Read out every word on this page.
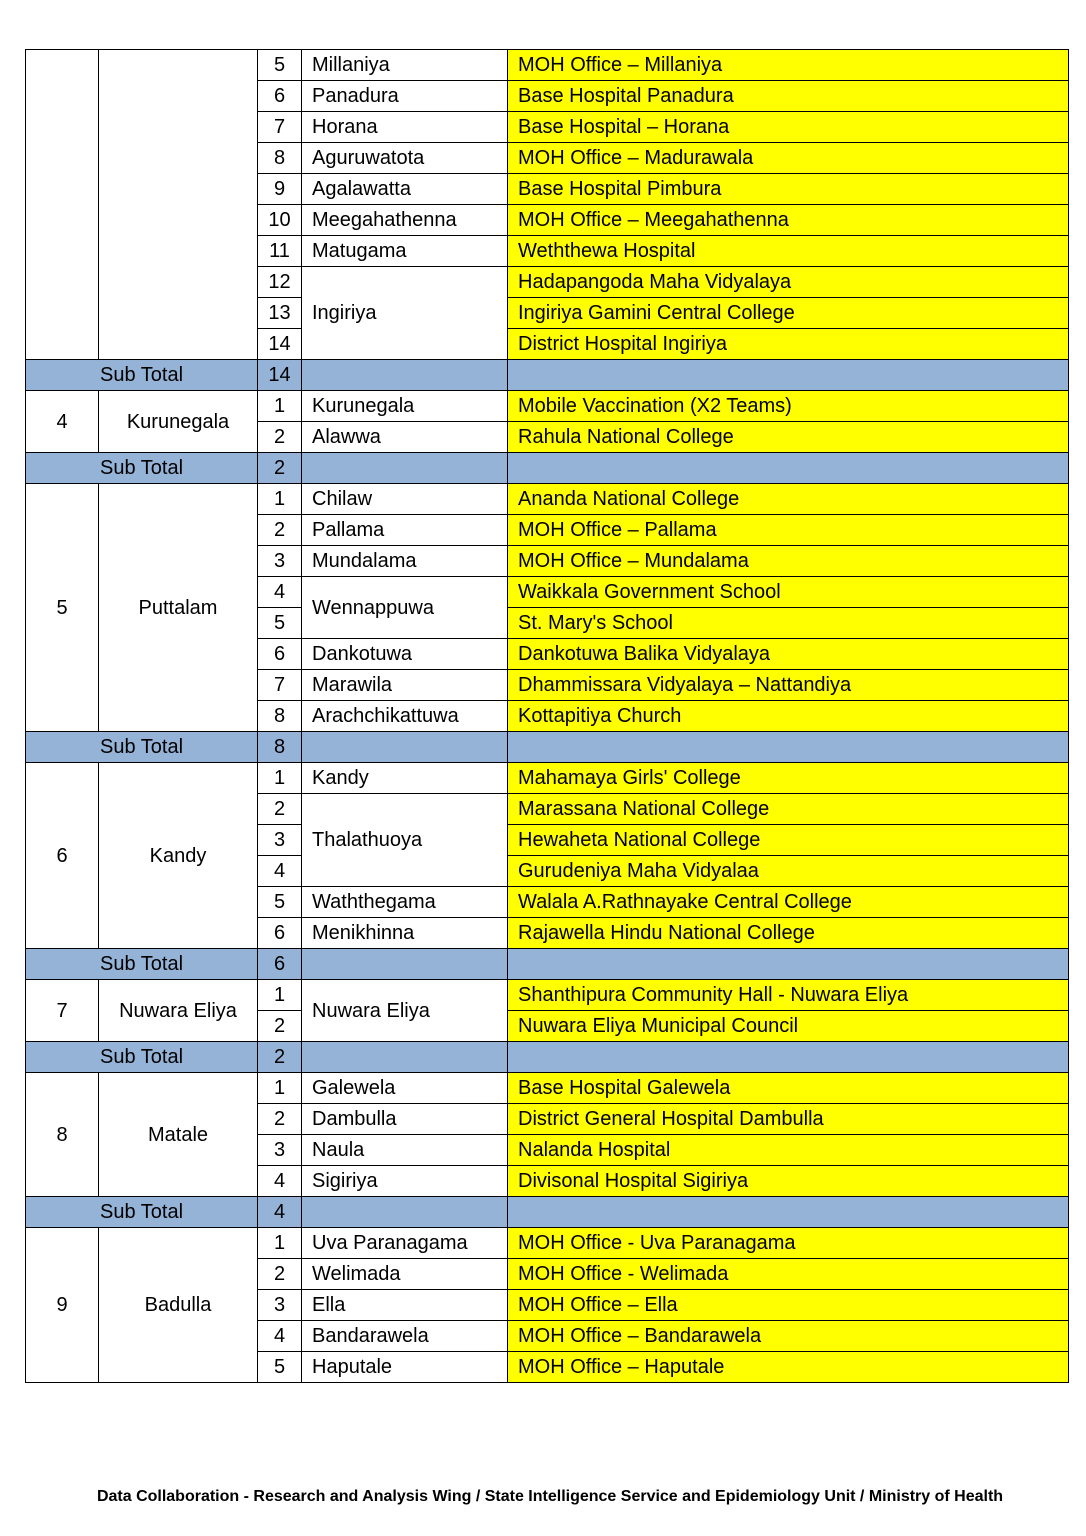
		5	Millaniya	MOH Office – Millaniya
		6	Panadura	Base Hospital Panadura
		7	Horana	Base Hospital – Horana
		8	Aguruwatota	MOH Office – Madurawala
		9	Agalawatta	Base Hospital Pimbura
		10	Meegahathenna	MOH Office – Meegahathenna
		11	Matugama	Weththewa Hospital
		12	Ingiriya	Hadapangoda Maha Vidyalaya
		13		Ingiriya Gamini Central College
		14		District Hospital Ingiriya
Sub Total		14		
4	Kurunegala	1	Kurunegala	Mobile Vaccination (X2 Teams)
		2	Alawwa	Rahula National College
Sub Total		2		
5	Puttalam	1	Chilaw	Ananda National College
		2	Pallama	MOH Office – Pallama
		3	Mundalama	MOH Office – Mundalama
		4	Wennappuwa	Waikkala Government School
		5		St. Mary's School
		6	Dankotuwa	Dankotuwa Balika Vidyalaya
		7	Marawila	Dhammissara Vidyalaya – Nattandiya
		8	Arachchikattuwa	Kottapitiya Church
Sub Total		8		
6	Kandy	1	Kandy	Mahamaya Girls' College
		2	Thalathuoya	Marassana National College
		3		Hewaheta National College
		4		Gurudeniya Maha Vidyalaa
		5	Waththegama	Walala A.Rathnayake Central College
		6	Menikhinna	Rajawella Hindu National College
Sub Total		6		
7	Nuwara Eliya	1	Nuwara Eliya	Shanthipura Community Hall - Nuwara Eliya
		2		Nuwara Eliya Municipal Council
Sub Total		2		
8	Matale	1	Galewela	Base Hospital Galewela
		2	Dambulla	District General Hospital Dambulla
		3	Naula	Nalanda Hospital
		4	Sigiriya	Divisonal Hospital Sigiriya
Sub Total		4		
9	Badulla	1	Uva Paranagama	MOH Office - Uva Paranagama
		2	Welimada	MOH Office - Welimada
		3	Ella	MOH Office – Ella
		4	Bandarawela	MOH Office – Bandarawela
		5	Haputale	MOH Office – Haputale
Data Collaboration - Research and Analysis Wing / State Intelligence Service and Epidemiology Unit / Ministry of Health
